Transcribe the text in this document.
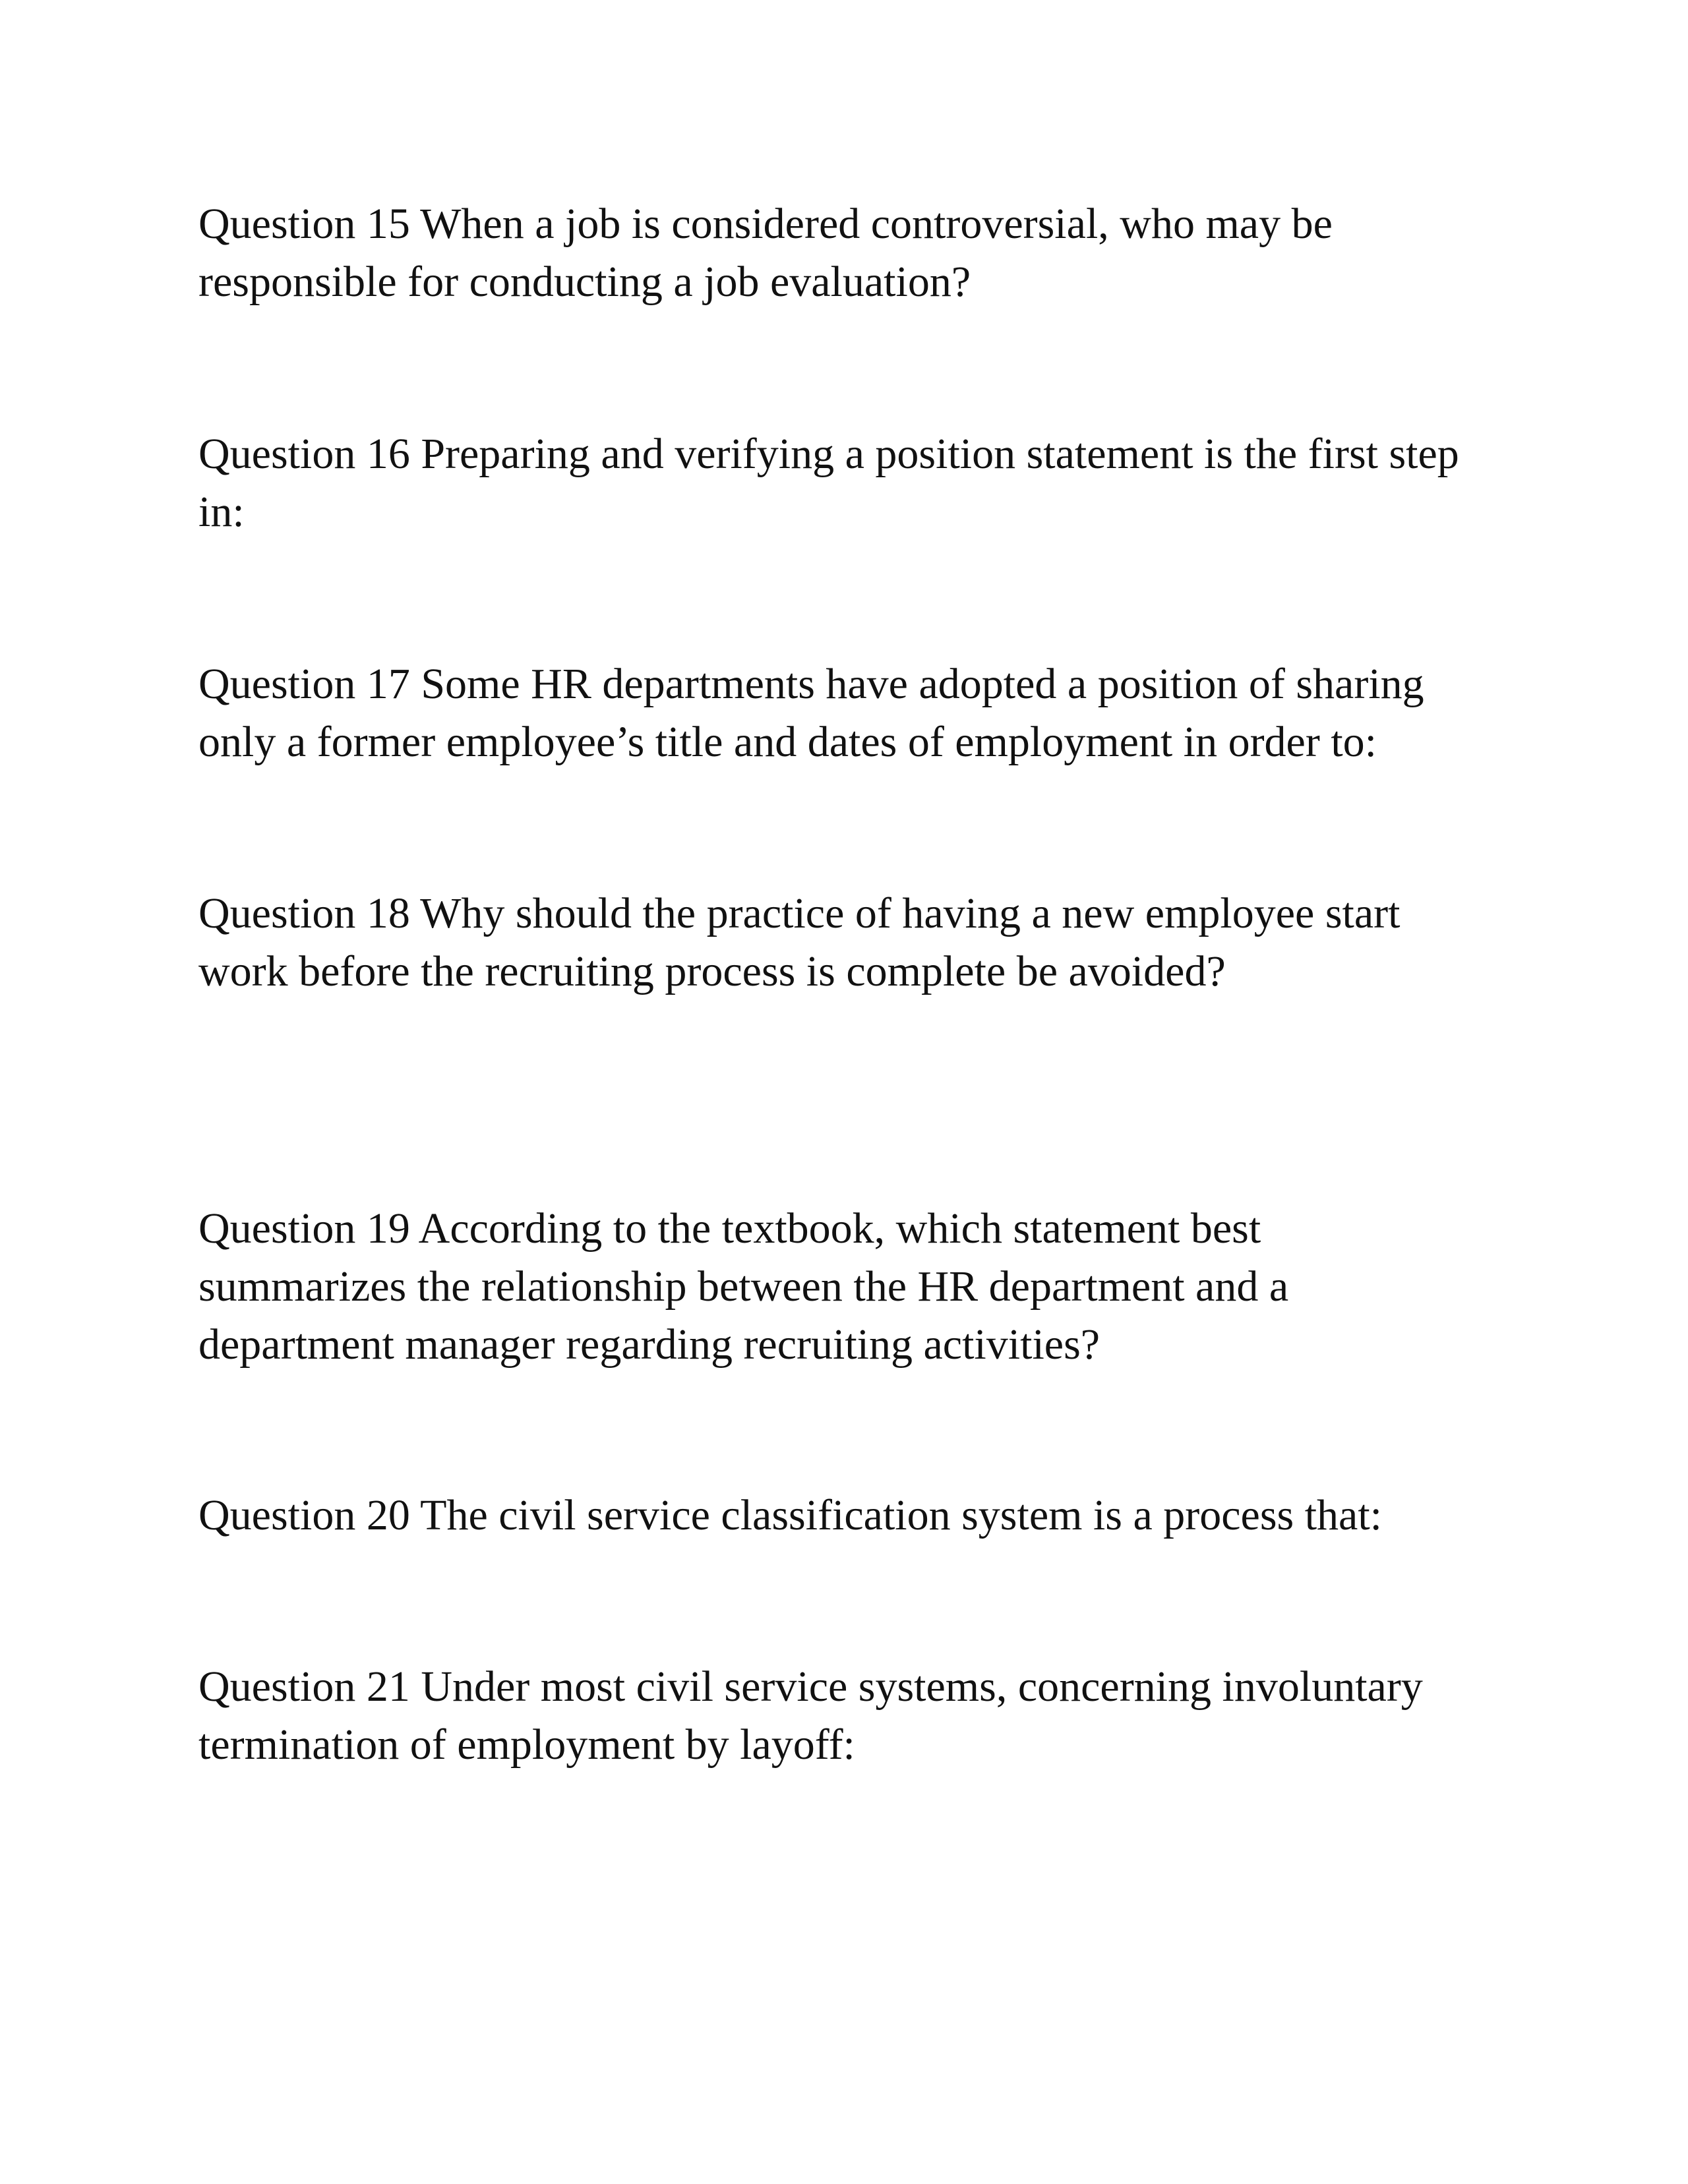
Question 15 When a job is considered controversial, who may be
responsible for conducting a job evaluation?

Question 16 Preparing and verifying a position statement is the first step
in:

Question 17 Some HR departments have adopted a position of sharing
only a former employee’s title and dates of employment in order to:

Question 18 Why should the practice of having a new employee start
work before the recruiting process is complete be avoided?

Question 19 According to the textbook, which statement best
summarizes the relationship between the HR department and a
department manager regarding recruiting activities?

Question 20 The civil service classification system is a process that:

Question 21 Under most civil service systems, concerning involuntary
termination of employment by layoff:
